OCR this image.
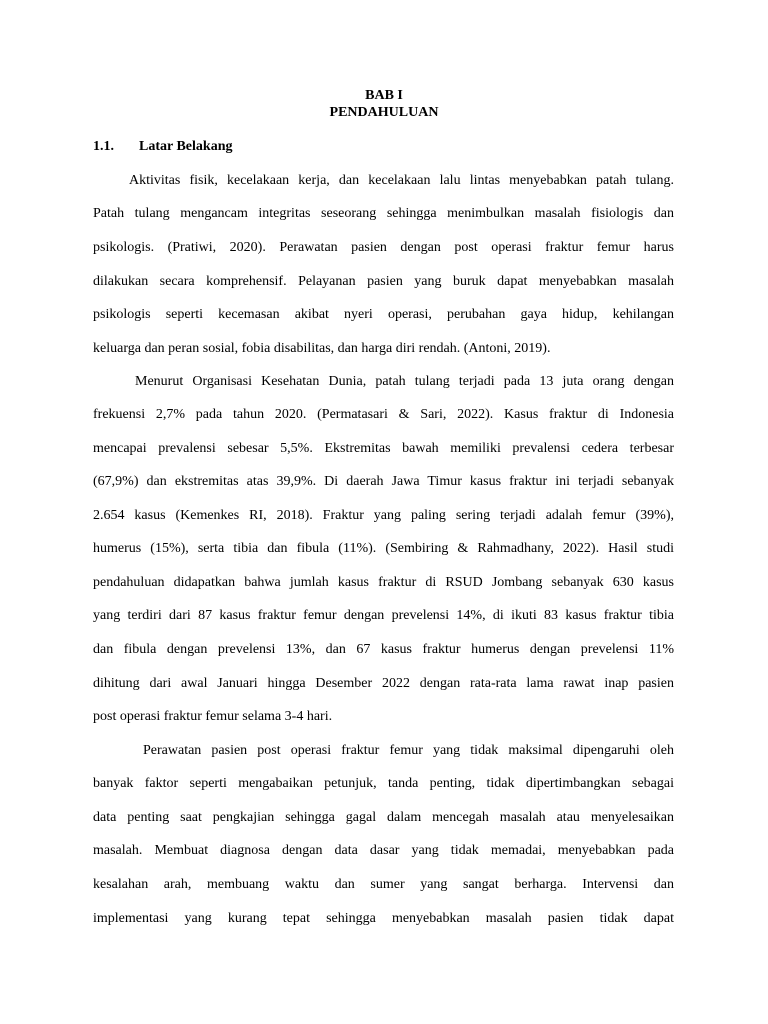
BAB I
PENDAHULUAN
1.1. Latar Belakang
Aktivitas fisik, kecelakaan kerja, dan kecelakaan lalu lintas menyebabkan patah tulang.
Patah tulang mengancam integritas seseorang sehingga menimbulkan masalah fisiologis dan
psikologis. (Pratiwi, 2020). Perawatan pasien dengan post operasi fraktur femur harus
dilakukan secara komprehensif. Pelayanan pasien yang buruk dapat menyebabkan masalah
psikologis seperti kecemasan akibat nyeri operasi, perubahan gaya hidup, kehilangan
keluarga dan peran sosial, fobia disabilitas, dan harga diri rendah. (Antoni, 2019).
Menurut Organisasi Kesehatan Dunia, patah tulang terjadi pada 13 juta orang dengan
frekuensi 2,7% pada tahun 2020. (Permatasari & Sari, 2022). Kasus fraktur di Indonesia
mencapai prevalensi sebesar 5,5%. Ekstremitas bawah memiliki prevalensi cedera terbesar
(67,9%) dan ekstremitas atas 39,9%. Di daerah Jawa Timur kasus fraktur ini terjadi sebanyak
2.654 kasus (Kemenkes RI, 2018). Fraktur yang paling sering terjadi adalah femur (39%),
humerus (15%), serta tibia dan fibula (11%). (Sembiring & Rahmadhany, 2022). Hasil studi
pendahuluan didapatkan bahwa jumlah kasus fraktur di RSUD Jombang sebanyak 630 kasus
yang terdiri dari 87 kasus fraktur femur dengan prevelensi 14%, di ikuti 83 kasus fraktur tibia
dan fibula dengan prevelensi 13%, dan 67 kasus fraktur humerus dengan prevelensi 11%
dihitung dari awal Januari hingga Desember 2022 dengan rata-rata lama rawat inap pasien
post operasi fraktur femur selama 3-4 hari.
Perawatan pasien post operasi fraktur femur yang tidak maksimal dipengaruhi oleh
banyak faktor seperti mengabaikan petunjuk, tanda penting, tidak dipertimbangkan sebagai
data penting saat pengkajian sehingga gagal dalam mencegah masalah atau menyelesaikan
masalah. Membuat diagnosa dengan data dasar yang tidak memadai, menyebabkan pada
kesalahan arah, membuang waktu dan sumer yang sangat berharga. Intervensi dan
implementasi yang kurang tepat sehingga menyebabkan masalah pasien tidak dapat
